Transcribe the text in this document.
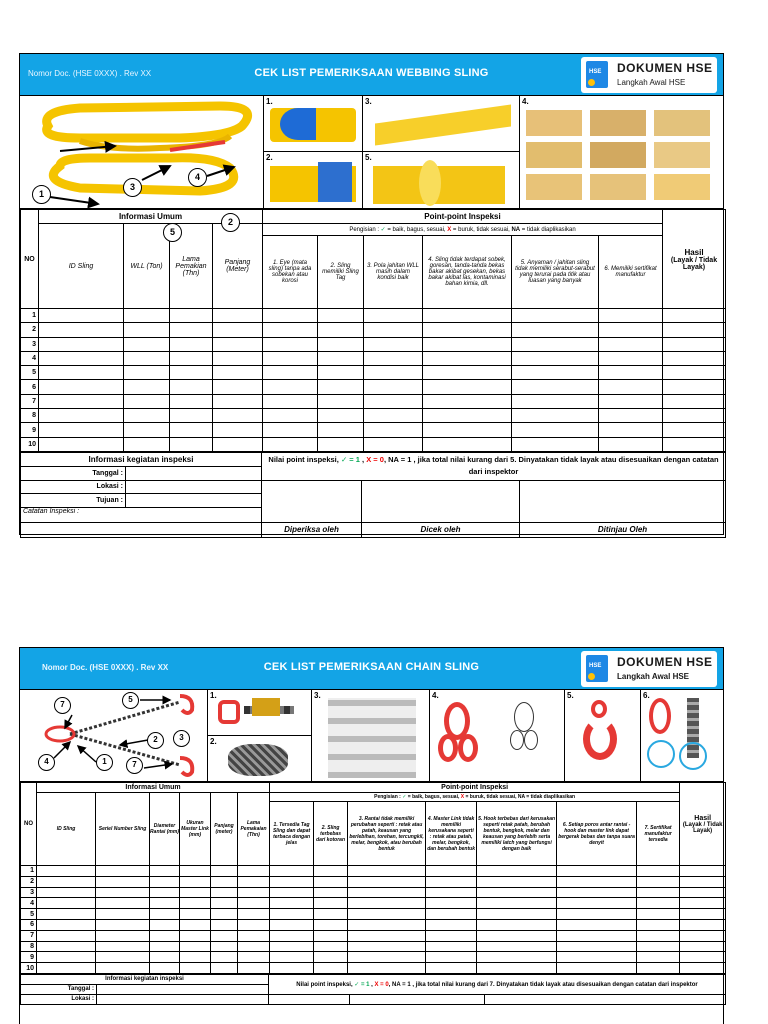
Nomor Doc. (HSE 0XXX) . Rev XX	CEK LIST PEMERIKSAAN WEBBING SLING	HSE DOKUMEN HSE
Langkah Awal HSE
1
3
4
2
5
1.
2.
3.
5.
4.
NO	Informasi Umum				Point-point Inspeksi						Hasil
(Layak / Tidak Layak)

	ID Sling	WLL (Ton)	Lama Pemakian (Thn)	Panjang (Meter)	Pengisian : ✓ = baik, bagus, sesuai, X = buruk, tidak sesuai, NA = tidak diaplikasikan						
					1. Eye (mata sling) tanpa ada sobekan atau korosi	2. Sling memiliki Sling Tag	3. Pola jahitan WLL masih dalam kondisi baik	4. Sling tidak terdapat sobek, goresan, tanda-tanda bekas bakar akibat gesekan, bekas bakar akibat las, kontaminasi bahan kimia, dll.	5. Anyaman / jahitan sling tidak memiliki serabut-serabut yang terurai pada titik atau luasan yang banyak	6. Memiliki sertifikat manufaktur	
1											
2											
3											
4											
5											
6											
7											
8											
9											
10											
Informasi kegiatan inspeksi		Nilai point inspeksi, ✓ = 1 , X = 0, NA = 1 , jika total nilai kurang dari 5. Dinyatakan tidak layak atau disesuaikan dengan catatan dari inspektor		
Tanggal :				
Lokasi :				
Tujuan :				
Catatan Inspeksi :				
		Diperiksa oleh	Dicek oleh	Ditinjau Oleh
Nomor Doc. (HSE 0XXX) . Rev XX	CEK LIST PEMERIKSAAN CHAIN SLING	HSE DOKUMEN HSE
Langkah Awal HSE
7
5
2	3
4	1	7
1.
2.
3.	4.	5.	6.
NO	Informasi Umum						Point-point Inspeksi							Hasil
(Layak / Tidak Layak)

	ID Sling	Seriel Number Sling	Diameter Rantai (mm)	Ukuran Master Link (mm)	Panjang (meter)	Lama Pemakaian (Thn)	Pengisian : ✓ = baik, bagus, sesuai, X = buruk, tidak sesuai, NA = tidak diaplikasikan							
							1. Tersedia Tag Sling dan dapat terbaca dengan jelas	2. Sling terbebas dari kotoran	3. Rantai tidak memiliki perubahan seperti : retak atau patah, keausan yang berlebihan, torehan, tercungkil, melar, bengkok, atau berubah bentuk	4. Master Link tidak memiliki kerusakana seperti : retak atau patah, melar, bengkok, dan berubah bentuk	5. Hook terbebas dari kerusakan seperti retak patah, berubah bentuk, bengkok, melar dan keausan yang berlebih serta memiliki latch yang berfungsi dengan baik	6. Setiap poros antar rantai - hook dan master link dapat bergerak bebas dan tanpa suara denyit	7. Sertifikat manufaktur tersedia	
1														
2														
3														
4														
5														
6														
7														
8														
9														
10														
Informasi kegiatan inspeksi		Nilai point inspeksi, ✓ = 1 , X = 0, NA = 1 , jika total nilai kurang dari 7. Dinyatakan tidak layak atau disesuaikan dengan catatan dari inspektor		
Tanggal :				
Lokasi :				
